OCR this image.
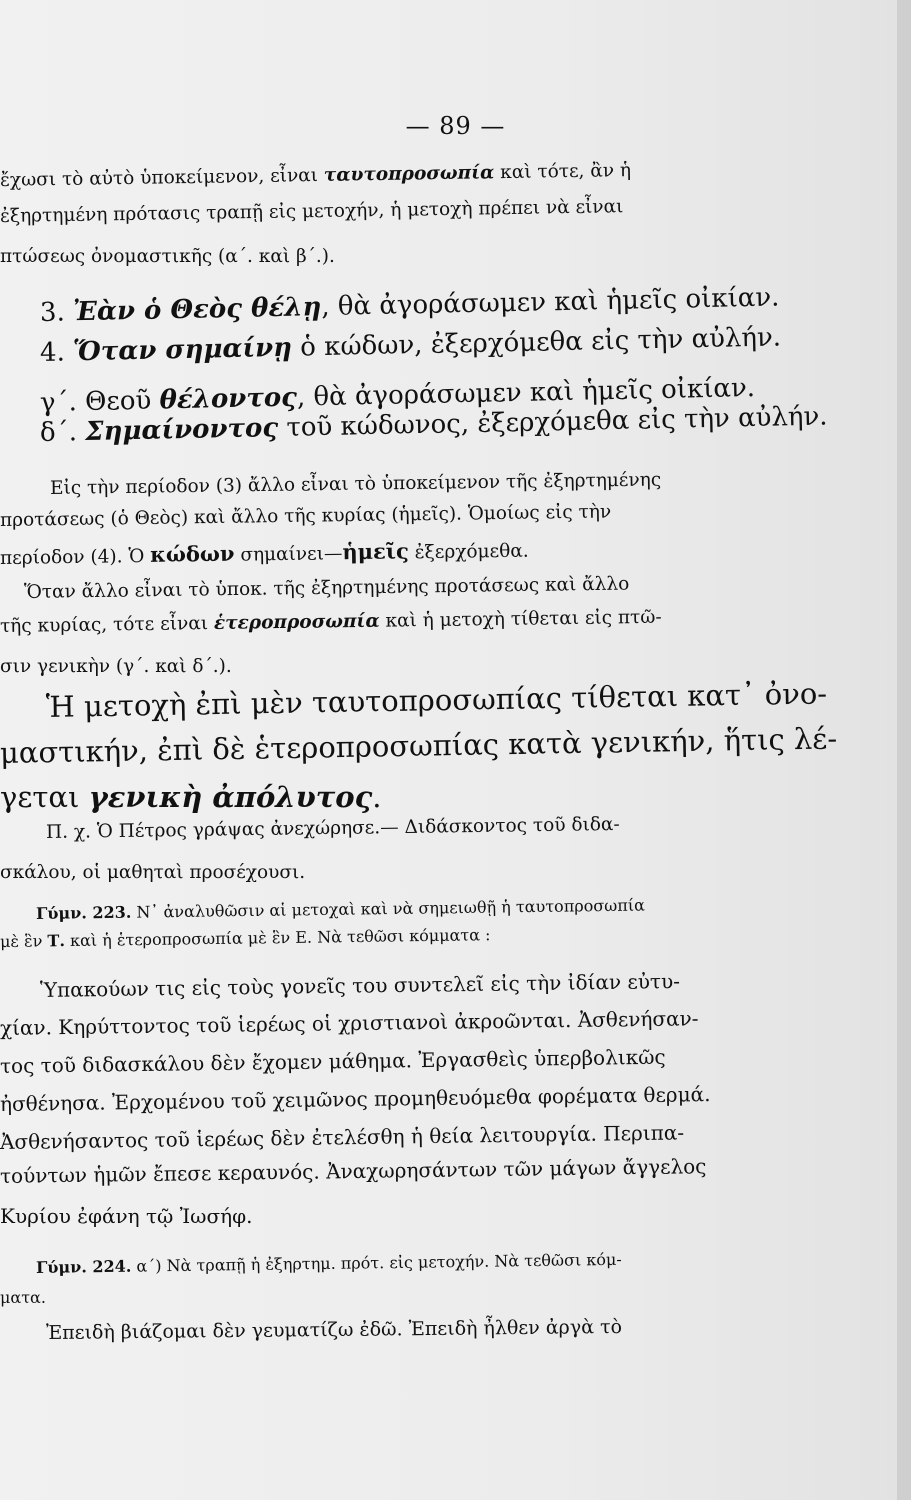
— 89 —
ἔχωσι τὸ αὐτὸ ὑποκείμενον, εἶναι ταυτοπροσωπία καὶ τότε, ἂν ἡ
ἐξηρτημένη πρότασις τραπῇ εἰς μετοχήν, ἡ μετοχὴ πρέπει νὰ εἶναι
πτώσεως ὀνομαστικῆς (α΄. καὶ β΄.).
3. Ἐὰν ὁ Θεὸς θέλῃ, θὰ ἀγοράσωμεν καὶ ἡμεῖς οἰκίαν.
4. Ὅταν σημαίνῃ ὁ κώδων, ἐξερχόμεθα εἰς τὴν αὐλήν.
γ΄. Θεοῦ θέλοντος, θὰ ἀγοράσωμεν καὶ ἡμεῖς οἰκίαν.
δ΄. Σημαίνοντος τοῦ κώδωνος, ἐξερχόμεθα εἰς τὴν αὐλήν.
Εἰς τὴν περίοδον (3) ἄλλο εἶναι τὸ ὑποκείμενον τῆς ἐξηρτημένης
προτάσεως (ὁ Θεὸς) καὶ ἄλλο τῆς κυρίας (ἡμεῖς). Ὁμοίως εἰς τὴν
περίοδον (4). Ὁ κώδων σημαίνει—ἡμεῖς ἐξερχόμεθα.
Ὅταν ἄλλο εἶναι τὸ ὑποκ. τῆς ἐξηρτημένης προτάσεως καὶ ἄλλο
τῆς κυρίας, τότε εἶναι ἑτεροπροσωπία καὶ ἡ μετοχὴ τίθεται εἰς πτῶ-
σιν γενικὴν (γ΄. καὶ δ΄.).
Ἡ μετοχὴ ἐπὶ μὲν ταυτοπροσωπίας τίθεται κατ᾽ ὀνο-
μαστικήν, ἐπὶ δὲ ἑτεροπροσωπίας κατὰ γενικήν, ἥτις λέ-
γεται γενικὴ ἀπόλυτος.
Π. χ. Ὁ Πέτρος γράψας ἀνεχώρησε.— Διδάσκοντος τοῦ διδα-
σκάλου, οἱ μαθηταὶ προσέχουσι.
Γύμν. 223. Ν᾽ ἀναλυθῶσιν αἱ μετοχαὶ καὶ νὰ σημειωθῇ ἡ ταυτοπροσωπία
μὲ ἓν Τ. καὶ ἡ ἑτεροπροσωπία μὲ ἓν Ε. Νὰ τεθῶσι κόμματα :
Ὑπακούων τις εἰς τοὺς γονεῖς του συντελεῖ εἰς τὴν ἰδίαν εὐτυ-
χίαν. Κηρύττοντος τοῦ ἱερέως οἱ χριστιανοὶ ἀκροῶνται. Ἀσθενήσαν-
τος τοῦ διδασκάλου δὲν ἔχομεν μάθημα. Ἐργασθεὶς ὑπερβολικῶς
ἠσθένησα. Ἐρχομένου τοῦ χειμῶνος προμηθευόμεθα φορέματα θερμά.
Ἀσθενήσαντος τοῦ ἱερέως δὲν ἐτελέσθη ἡ θεία λειτουργία. Περιπα-
τούντων ἡμῶν ἔπεσε κεραυνός. Ἀναχωρησάντων τῶν μάγων ἄγγελος
Κυρίου ἐφάνη τῷ Ἰωσήφ.
Γύμν. 224. α΄) Νὰ τραπῇ ἡ ἐξηρτημ. πρότ. εἰς μετοχήν. Νὰ τεθῶσι κόμ-
ματα.
Ἐπειδὴ βιάζομαι δὲν γευματίζω ἐδῶ. Ἐπειδὴ ἦλθεν ἀργὰ τὸ
